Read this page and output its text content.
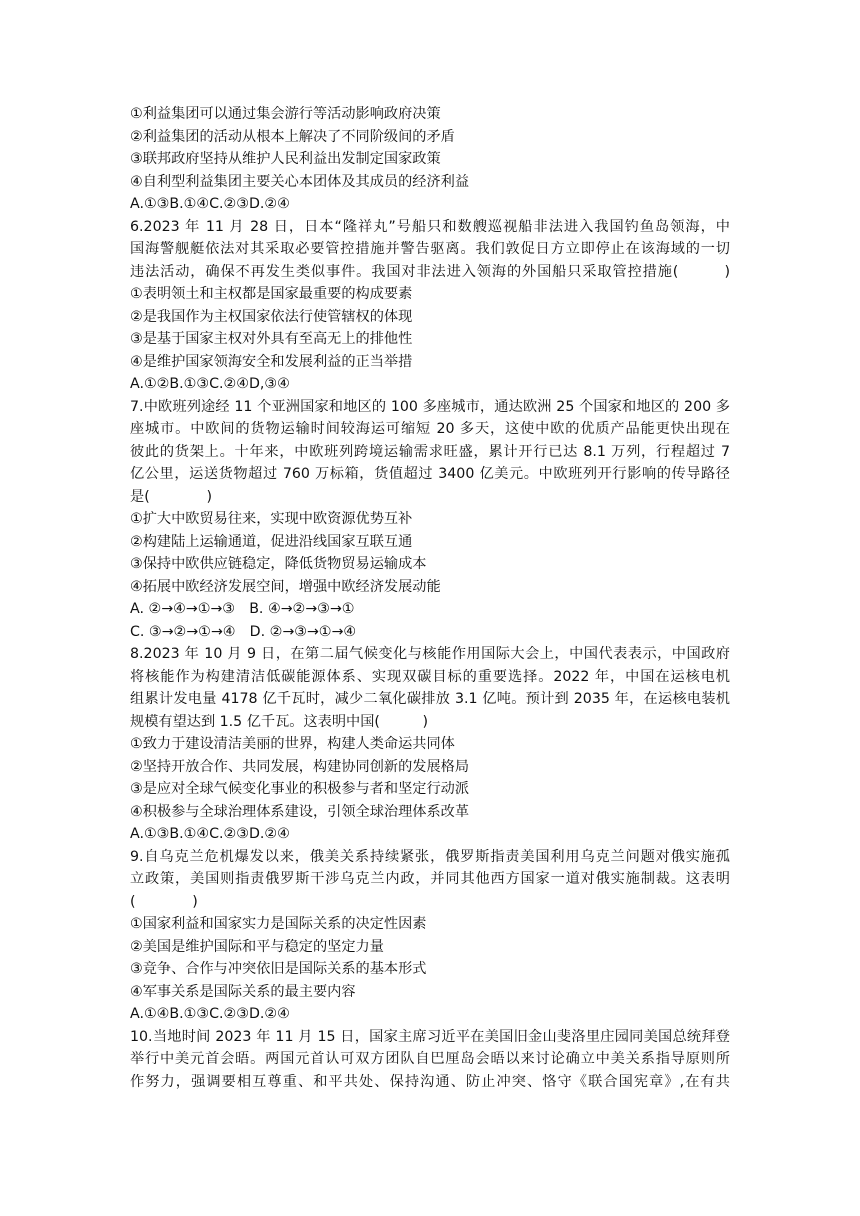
①利益集团可以通过集会游行等活动影响政府决策
②利益集团的活动从根本上解决了不同阶级间的矛盾
③联邦政府坚持从维护人民利益出发制定国家政策
④自利型利益集团主要关心本团体及其成员的经济利益
A.①③B.①④C.②③D.②④
6.2023 年 11 月 28 日，日本“隆祥丸”号船只和数艘巡视船非法进入我国钓鱼岛领海，中
国海警舰艇依法对其采取必要管控措施并警告驱离。我们敦促日方立即停止在该海域的一切
违法活动，确保不再发生类似事件。我国对非法进入领海的外国船只采取管控措施(　　　)
①表明领土和主权都是国家最重要的构成要素
②是我国作为主权国家依法行使管辖权的体现
③是基于国家主权对外具有至高无上的排他性
④是维护国家领海安全和发展利益的正当举措
A.①②B.①③C.②④D,③④
7.中欧班列途经 11 个亚洲国家和地区的 100 多座城市，通达欧洲 25 个国家和地区的 200 多
座城市。中欧间的货物运输时间较海运可缩短 20 多天，这使中欧的优质产品能更快出现在
彼此的货架上。十年来，中欧班列跨境运输需求旺盛，累计开行已达 8.1 万列，行程超过 7
亿公里，运送货物超过 760 万标箱，货值超过 3400 亿美元。中欧班列开行影响的传导路径
是(　　　　)
①扩大中欧贸易往来，实现中欧资源优势互补
②构建陆上运输通道，促进沿线国家互联互通
③保持中欧供应链稳定，降低货物贸易运输成本
④拓展中欧经济发展空间，增强中欧经济发展动能
A. ②→④→①→③　B. ④→②→③→①
C. ③→②→①→④　D. ②→③→①→④
8.2023 年 10 月 9 日，在第二届气候变化与核能作用国际大会上，中国代表表示，中国政府
将核能作为构建清洁低碳能源体系、实现双碳目标的重要选择。2022 年，中国在运核电机
组累计发电量 4178 亿千瓦时，减少二氧化碳排放 3.1 亿吨。预计到 2035 年，在运核电装机
规模有望达到 1.5 亿千瓦。这表明中国(　　　)
①致力于建设清洁美丽的世界，构建人类命运共同体
②坚持开放合作、共同发展，构建协同创新的发展格局
③是应对全球气候变化事业的积极参与者和坚定行动派
④积极参与全球治理体系建设，引领全球治理体系改革
A.①③B.①④C.②③D.②④
9.自乌克兰危机爆发以来，俄美关系持续紧张，俄罗斯指责美国利用乌克兰问题对俄实施孤
立政策，美国则指责俄罗斯干涉乌克兰内政，并同其他西方国家一道对俄实施制裁。这表明
(　　　　)
①国家利益和国家实力是国际关系的决定性因素
②美国是维护国际和平与稳定的坚定力量
③竞争、合作与冲突依旧是国际关系的基本形式
④军事关系是国际关系的最主要内容
A.①④B.①③C.②③D.②④
10.当地时间 2023 年 11 月 15 日，国家主席习近平在美国旧金山斐洛里庄园同美国总统拜登
举行中美元首会晤。两国元首认可双方团队自巴厘岛会晤以来讨论确立中美关系指导原则所
作努力，强调要相互尊重、和平共处、保持沟通、防止冲突、恪守《联合国宪章》,在有共
